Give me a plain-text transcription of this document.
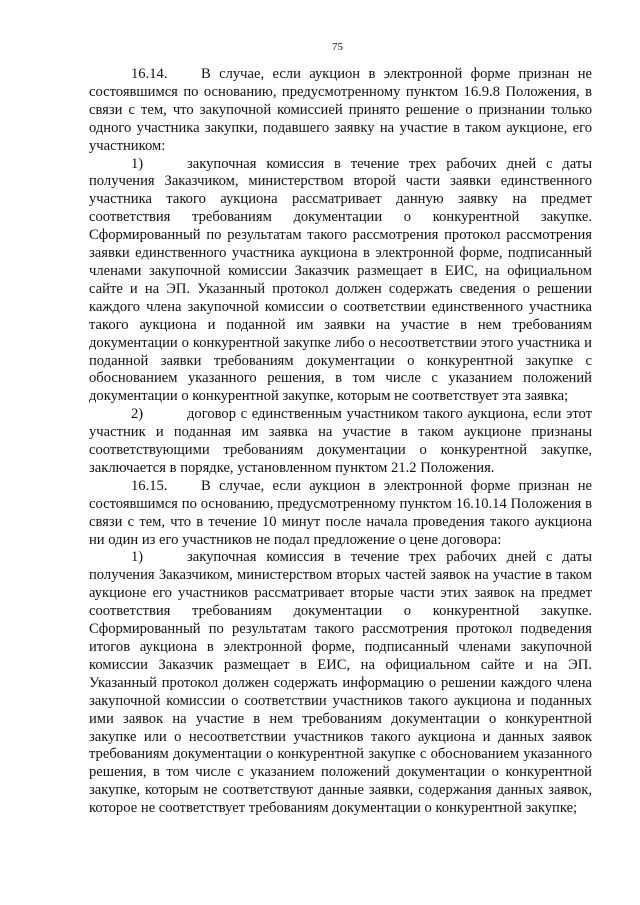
75

16.14. В случае, если аукцион в электронной форме признан не состоявшимся по основанию, предусмотренному пунктом 16.9.8 Положения, в связи с тем, что закупочной комиссией принято решение о признании только одного участника закупки, подавшего заявку на участие в таком аукционе, его участником:

1)	закупочная комиссия в течение трех рабочих дней с даты получения Заказчиком, министерством второй части заявки единственного участника такого аукциона рассматривает данную заявку на предмет соответствия требованиям документации о конкурентной закупке. Сформированный по результатам такого рассмотрения протокол рассмотрения заявки единственного участника аукциона в электронной форме, подписанный членами закупочной комиссии Заказчик размещает в ЕИС, на официальном сайте и на ЭП. Указанный протокол должен содержать сведения о решении каждого члена закупочной комиссии о соответствии единственного участника такого аукциона и поданной им заявки на участие в нем требованиям документации о конкурентной закупке либо о несоответствии этого участника и поданной заявки требованиям документации о конкурентной закупке с обоснованием указанного решения, в том числе с указанием положений документации о конкурентной закупке, которым не соответствует эта заявка;

2)	договор с единственным участником такого аукциона, если этот участник и поданная им заявка на участие в таком аукционе признаны соответствующими требованиям документации о конкурентной закупке, заключается в порядке, установленном пунктом 21.2 Положения.

16.15. В случае, если аукцион в электронной форме признан не состоявшимся по основанию, предусмотренному пунктом 16.10.14 Положения в связи с тем, что в течение 10 минут после начала проведения такого аукциона ни один из его участников не подал предложение о цене договора:

1)	закупочная комиссия в течение трех рабочих дней с даты получения Заказчиком, министерством вторых частей заявок на участие в таком аукционе его участников рассматривает вторые части этих заявок на предмет соответствия требованиям документации о конкурентной закупке. Сформированный по результатам такого рассмотрения протокол подведения итогов аукциона в электронной форме, подписанный членами закупочной комиссии Заказчик размещает в ЕИС, на официальном сайте и на ЭП. Указанный протокол должен содержать информацию о решении каждого члена закупочной комиссии о соответствии участников такого аукциона и поданных ими заявок на участие в нем требованиям документации о конкурентной закупке или о несоответствии участников такого аукциона и данных заявок требованиям документации о конкурентной закупке с обоснованием указанного решения, в том числе с указанием положений документации о конкурентной закупке, которым не соответствуют данные заявки, содержания данных заявок, которое не соответствует требованиям документации о конкурентной закупке;
